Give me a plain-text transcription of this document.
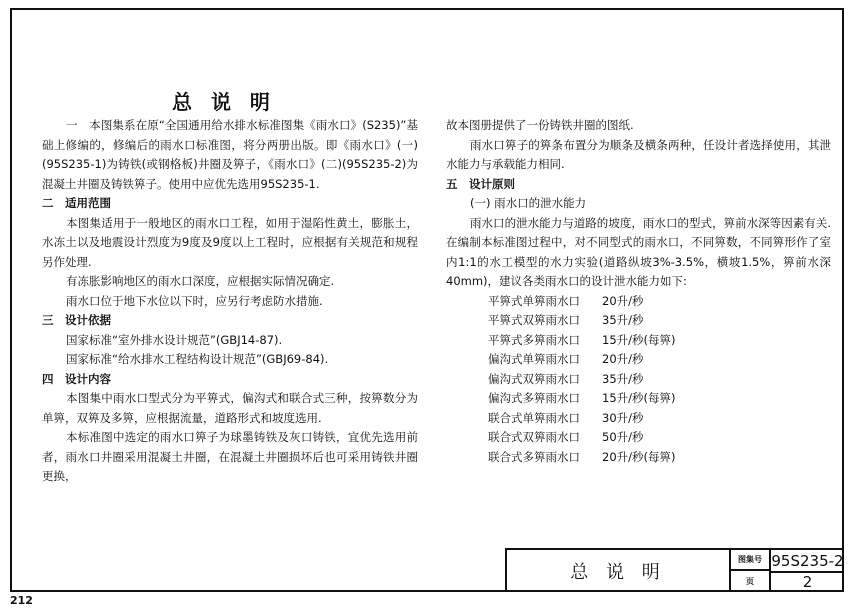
总 说 明

一　本图集系在原“全国通用给水排水标准图集《雨水口》(S235)”基础上修编的，修编后的雨水口标准图，将分两册出版。即《雨水口》(一)(95S235-1)为铸铁(或钢格板)井圈及箅子，《雨水口》(二)(95S235-2)为混凝土井圈及铸铁箅子。使用中应优先选用95S235-1.

二　适用范围

本图集适用于一般地区的雨水口工程，如用于湿陷性黄土，膨胀土，水冻土以及地震设计烈度为9度及9度以上工程时，应根据有关规范和规程另作处理.

有冻胀影响地区的雨水口深度，应根据实际情况确定.

雨水口位于地下水位以下时，应另行考虑防水措施.

三　设计依据

国家标准“室外排水设计规范”(GBJ14-87).

国家标准“给水排水工程结构设计规范”(GBJ69-84).

四　设计内容

本图集中雨水口型式分为平箅式，偏沟式和联合式三种，按箅数分为单箅，双箅及多箅，应根据流量，道路形式和坡度选用.

本标准图中选定的雨水口箅子为球墨铸铁及灰口铸铁，宜优先选用前者，雨水口井圈采用混凝土井圈，在混凝土井圈损坏后也可采用铸铁井圈更换，

故本图册提供了一份铸铁井圈的图纸.

雨水口箅子的箅条布置分为顺条及横条两种，任设计者选择使用，其泄水能力与承载能力相同.

五　设计原则

(一) 雨水口的泄水能力

雨水口的泄水能力与道路的坡度，雨水口的型式，箅前水深等因素有关.在编制本标准图过程中，对不同型式的雨水口，不同箅数，不同箅形作了室内1:1的水工模型的水力实验(道路纵坡3%-3.5%，横坡1.5%，箅前水深40mm)，建议各类雨水口的设计泄水能力如下:

平箅式单箅雨水口	20升/秒
平箅式双箅雨水口	35升/秒
平箅式多箅雨水口	15升/秒(每箅)
偏沟式单箅雨水口	20升/秒
偏沟式双箅雨水口	35升/秒
偏沟式多箅雨水口	15升/秒(每箅)
联合式单箅雨水口	30升/秒
联合式双箅雨水口	50升/秒
联合式多箅雨水口	20升/秒(每箅)
总 说 明
图集号 95S235-2
页	2
212
